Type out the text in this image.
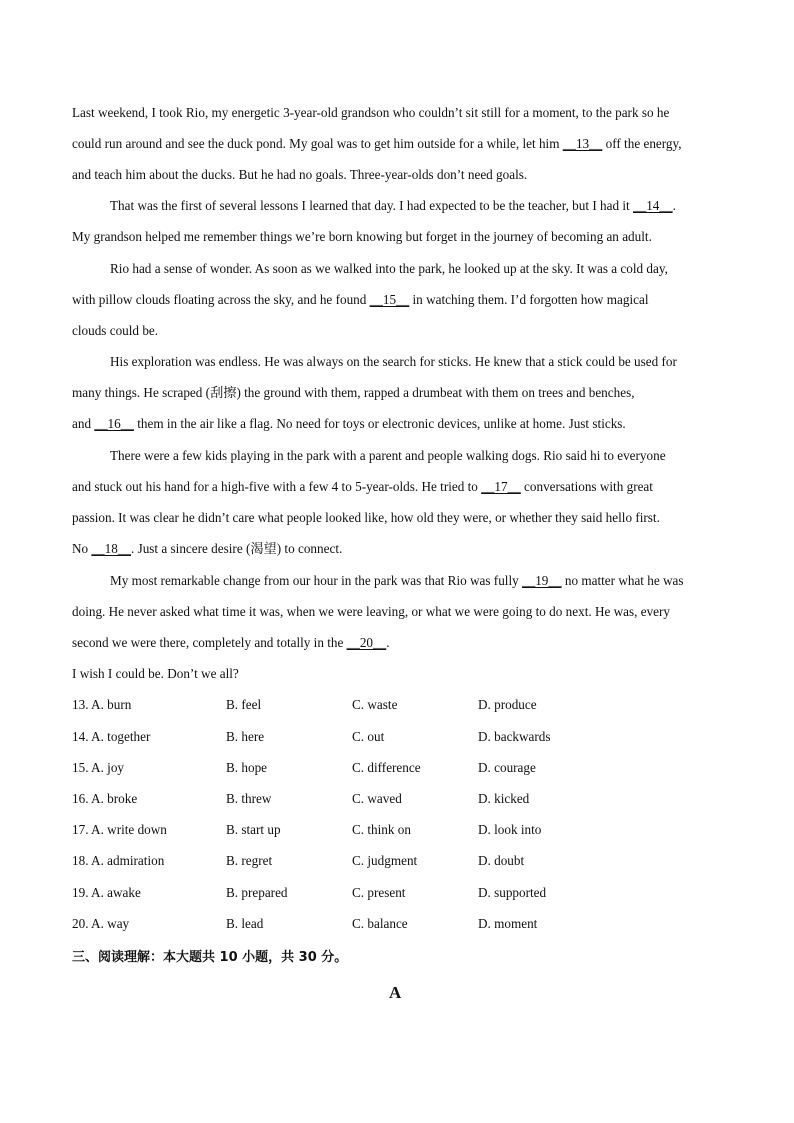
Last weekend, I took Rio, my energetic 3-year-old grandson who couldn’t sit still for a moment, to the park so he
could run around and see the duck pond. My goal was to get him outside for a while, let him __13__ off the energy,
and teach him about the ducks. But he had no goals. Three-year-olds don’t need goals.
That was the first of several lessons I learned that day. I had expected to be the teacher, but I had it __14__.
My grandson helped me remember things we’re born knowing but forget in the journey of becoming an adult.
Rio had a sense of wonder. As soon as we walked into the park, he looked up at the sky. It was a cold day,
with pillow clouds floating across the sky, and he found __15__ in watching them. I’d forgotten how magical
clouds could be.
His exploration was endless. He was always on the search for sticks. He knew that a stick could be used for
many things. He scraped (刮擦) the ground with them, rapped a drumbeat with them on trees and benches,
and __16__ them in the air like a flag. No need for toys or electronic devices, unlike at home. Just sticks.
There were a few kids playing in the park with a parent and people walking dogs. Rio said hi to everyone
and stuck out his hand for a high-five with a few 4 to 5-year-olds. He tried to __17__ conversations with great
passion. It was clear he didn’t care what people looked like, how old they were, or whether they said hello first.
No __18__. Just a sincere desire (渴望) to connect.
My most remarkable change from our hour in the park was that Rio was fully __19__ no matter what he was
doing. He never asked what time it was, when we were leaving, or what we were going to do next. He was, every
second we were there, completely and totally in the __20__.
I wish I could be. Don’t we all?
13. A. burn	B. feel	C. waste	D. produce
14. A. together	B. here	C. out	D. backwards
15. A. joy	B. hope	C. difference	D. courage
16. A. broke	B. threw	C. waved	D. kicked
17. A. write down	B. start up	C. think on	D. look into
18. A. admiration	B. regret	C. judgment	D. doubt
19. A. awake	B. prepared	C. present	D. supported
20. A. way	B. lead	C. balance	D. moment
三、阅读理解：本大题共 10 小题，共 30 分。
A
